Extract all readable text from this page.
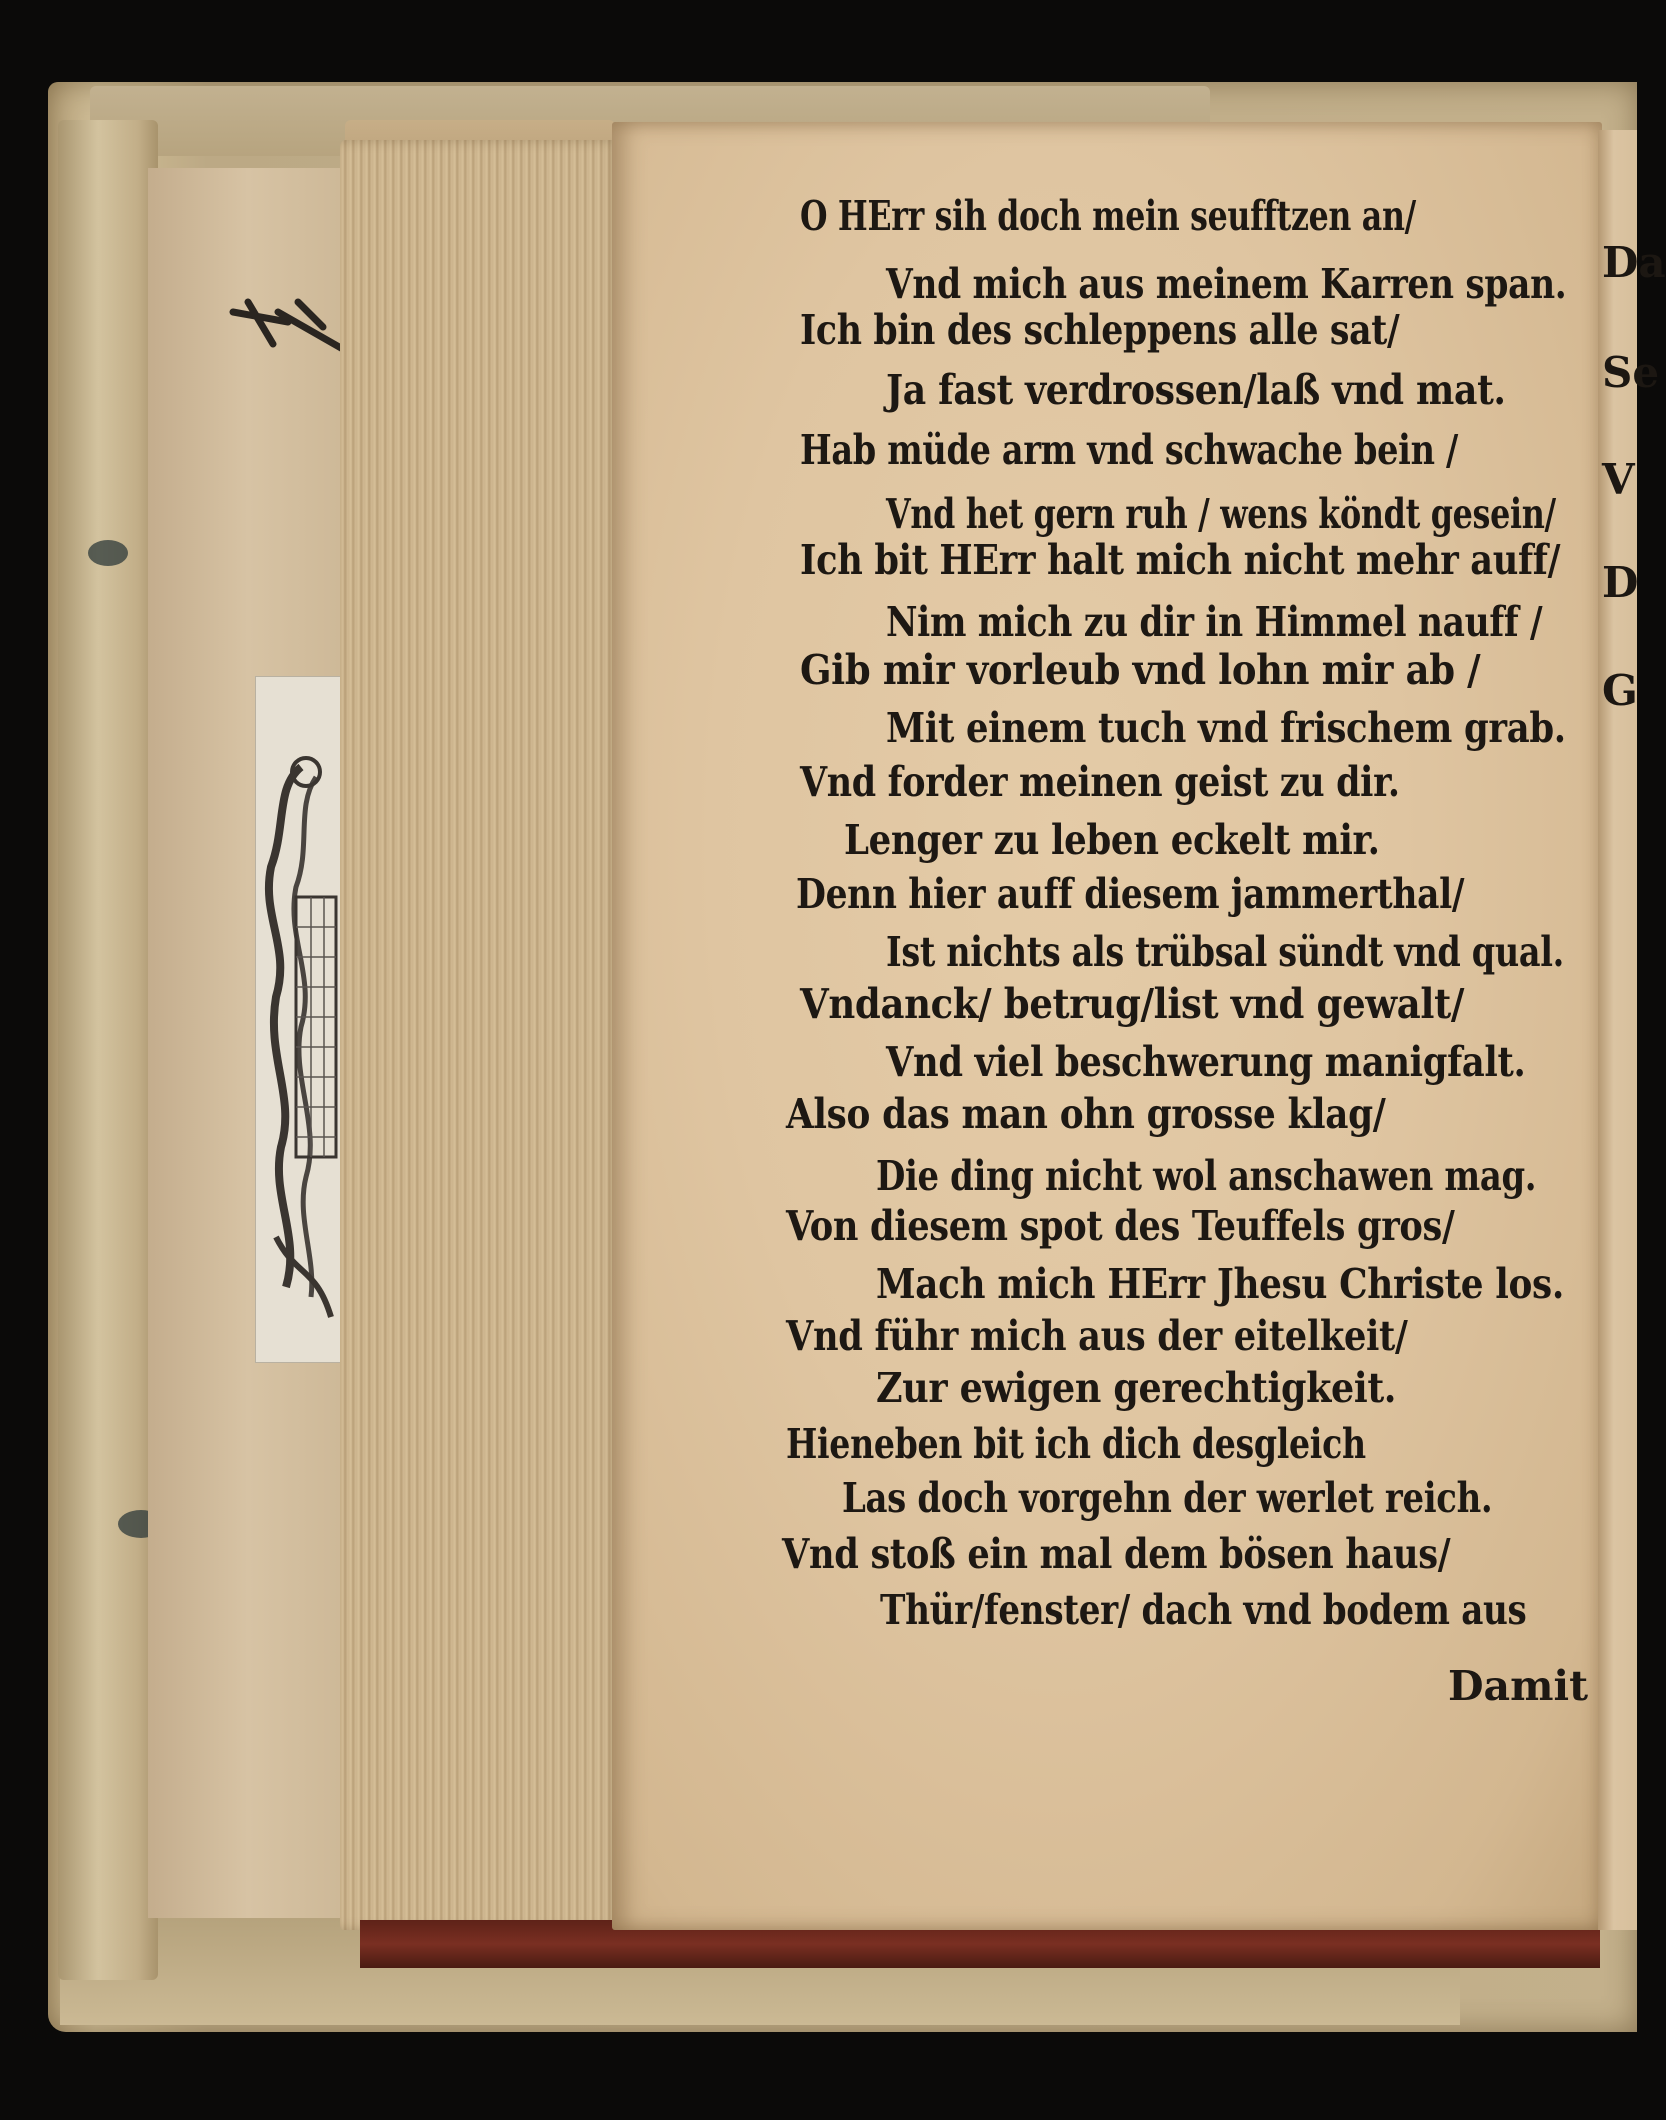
Da
Se
V
D
G
O HErr sih doch mein seufftzen an/
Vnd mich aus meinem Karren span.
Ich bin des schleppens alle sat/
Ja fast verdrossen/laß vnd mat.
Hab müde arm vnd schwache bein /
Vnd het gern ruh / wens köndt gesein/
Ich bit HErr halt mich nicht mehr auff/
Nim mich zu dir in Himmel nauff /
Gib mir vorleub vnd lohn mir ab /
Mit einem tuch vnd frischem grab.
Vnd forder meinen geist zu dir.
Lenger zu leben eckelt mir.
Denn hier auff diesem jammerthal/
Ist nichts als trübsal sündt vnd qual.
Vndanck/ betrug/list vnd gewalt/
Vnd viel beschwerung manigfalt.
Also das man ohn grosse klag/
Die ding nicht wol anschawen mag.
Von diesem spot des Teuffels gros/
Mach mich HErr Jhesu Christe los.
Vnd führ mich aus der eitelkeit/
Zur ewigen gerechtigkeit.
Hieneben bit ich dich desgleich
Las doch vorgehn der werlet reich.
Vnd stoß ein mal dem bösen haus/
Thür/fenster/ dach vnd bodem aus
Damit
